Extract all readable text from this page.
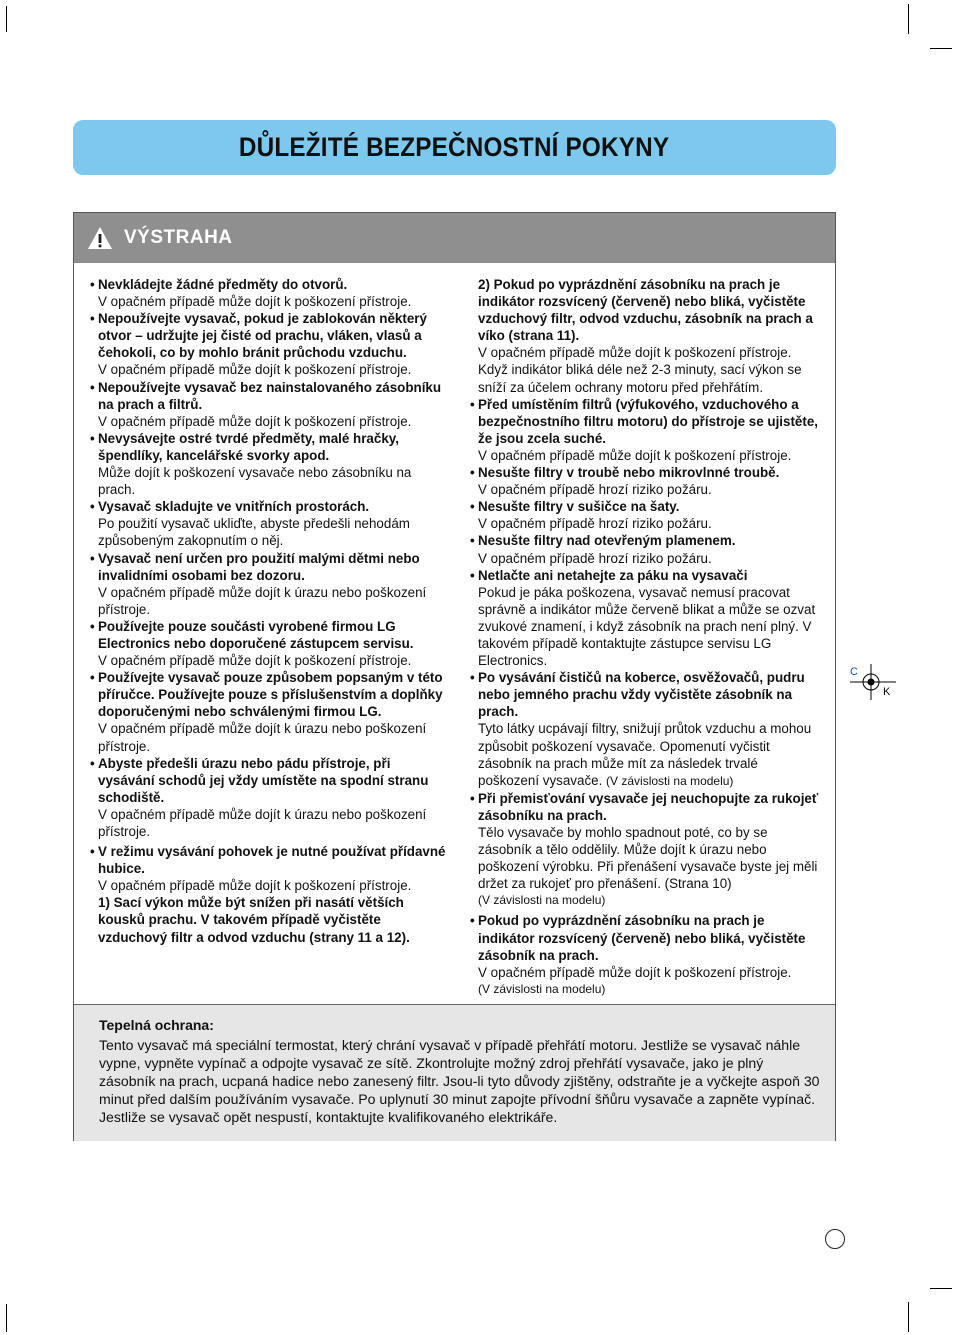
DŮLEŽITÉ BEZPEČNOSTNÍ POKYNY
VÝSTRAHA
• Nevkládejte žádné předměty do otvorů.
V opačném případě může dojít k poškození přístroje.
• Nepoužívejte vysavač, pokud je zablokován některý otvor – udržujte jej čisté od prachu, vláken, vlasů a čehokoli, co by mohlo bránit průchodu vzduchu.
V opačném případě může dojít k poškození přístroje.
• Nepoužívejte vysavač bez nainstalovaného zásobníku na prach a filtrů.
V opačném případě může dojít k poškození přístroje.
• Nevysávejte ostré tvrdé předměty, malé hračky, špendlíky, kancelářské svorky apod.
Může dojít k poškození vysavače nebo zásobníku na prach.
• Vysavač skladujte ve vnitřních prostorách.
Po použití vysavač ukliďte, abyste předešli nehodám způsobeným zakopnutím o něj.
• Vysavač není určen pro použití malými dětmi nebo invalidními osobami bez dozoru.
V opačném případě může dojít k úrazu nebo poškození přístroje.
• Používejte pouze součásti vyrobené firmou LG Electronics nebo doporučené zástupcem servisu.
V opačném případě může dojít k poškození přístroje.
• Používejte vysavač pouze způsobem popsaným v této příručce. Používejte pouze s příslušenstvím a doplňky doporučenými nebo schválenými firmou LG.
V opačném případě může dojít k úrazu nebo poškození přístroje.
• Abyste předešli úrazu nebo pádu přístroje, při vysávání schodů jej vždy umístěte na spodní stranu schodiště.
V opačném případě může dojít k úrazu nebo poškození přístroje.
• V režimu vysávání pohovek je nutné používat přídavné hubice.
V opačném případě může dojít k poškození přístroje.
1) Sací výkon může být snížen při nasátí větších kousků prachu. V takovém případě vyčistěte vzduchový filtr a odvod vzduchu (strany 11 a 12).
2) Pokud po vyprázdnění zásobníku na prach je indikátor rozsvícený (červeně) nebo bliká, vyčistěte vzduchový filtr, odvod vzduchu, zásobník na prach a víko (strana 11).
V opačném případě může dojít k poškození přístroje. Když indikátor bliká déle než 2-3 minuty, sací výkon se sníží za účelem ochrany motoru před přehřátím.
• Před umístěním filtrů (výfukového, vzduchového a bezpečnostního filtru motoru) do přístroje se ujistěte, že jsou zcela suché.
V opačném případě může dojít k poškození přístroje.
• Nesušte filtry v troubě nebo mikrovlnné troubě.
V opačném případě hrozí riziko požáru.
• Nesušte filtry v sušičce na šaty.
V opačném případě hrozí riziko požáru.
• Nesušte filtry nad otevřeným plamenem.
V opačném případě hrozí riziko požáru.
• Netlačte ani netahejte za páku na vysavači
Pokud je páka poškozena, vysavač nemusí pracovat správně a indikátor může červeně blikat a může se ozvat zvukové znamení, i když zásobník na prach není plný. V takovém případě kontaktujte zástupce servisu LG Electronics.
• Po vysávání čističů na koberce, osvěžovačů, pudru nebo jemného prachu vždy vyčistěte zásobník na prach.
Tyto látky ucpávají filtry, snižují průtok vzduchu a mohou způsobit poškození vysavače. Opomenutí vyčistit zásobník na prach může mít za následek trvalé poškození vysavače. (V závislosti na modelu)
• Při přemisťování vysavače jej neuchopujte za rukojeť zásobníku na prach.
Tělo vysavače by mohlo spadnout poté, co by se zásobník a tělo oddělily. Může dojít k úrazu nebo poškození výrobku. Při přenášení vysavače byste jej měli držet za rukojeť pro přenášení. (Strana 10)
(V závislosti na modelu)
• Pokud po vyprázdnění zásobníku na prach je indikátor rozsvícený (červeně) nebo bliká, vyčistěte zásobník na prach.
V opačném případě může dojít k poškození přístroje.
(V závislosti na modelu)
Tepelná ochrana:
Tento vysavač má speciální termostat, který chrání vysavač v případě přehřátí motoru. Jestliže se vysavač náhle vypne, vypněte vypínač a odpojte vysavač ze sítě. Zkontrolujte možný zdroj přehřátí vysavače, jako je plný zásobník na prach, ucpaná hadice nebo zanesený filtr. Jsou-li tyto důvody zjištěny, odstraňte je a vyčkejte aspoň 30 minut před dalším používáním vysavače. Po uplynutí 30 minut zapojte přívodní šňůru vysavače a zapněte vypínač. Jestliže se vysavač opět nespustí, kontaktujte kvalifikovaného elektrikáře.
C
K
